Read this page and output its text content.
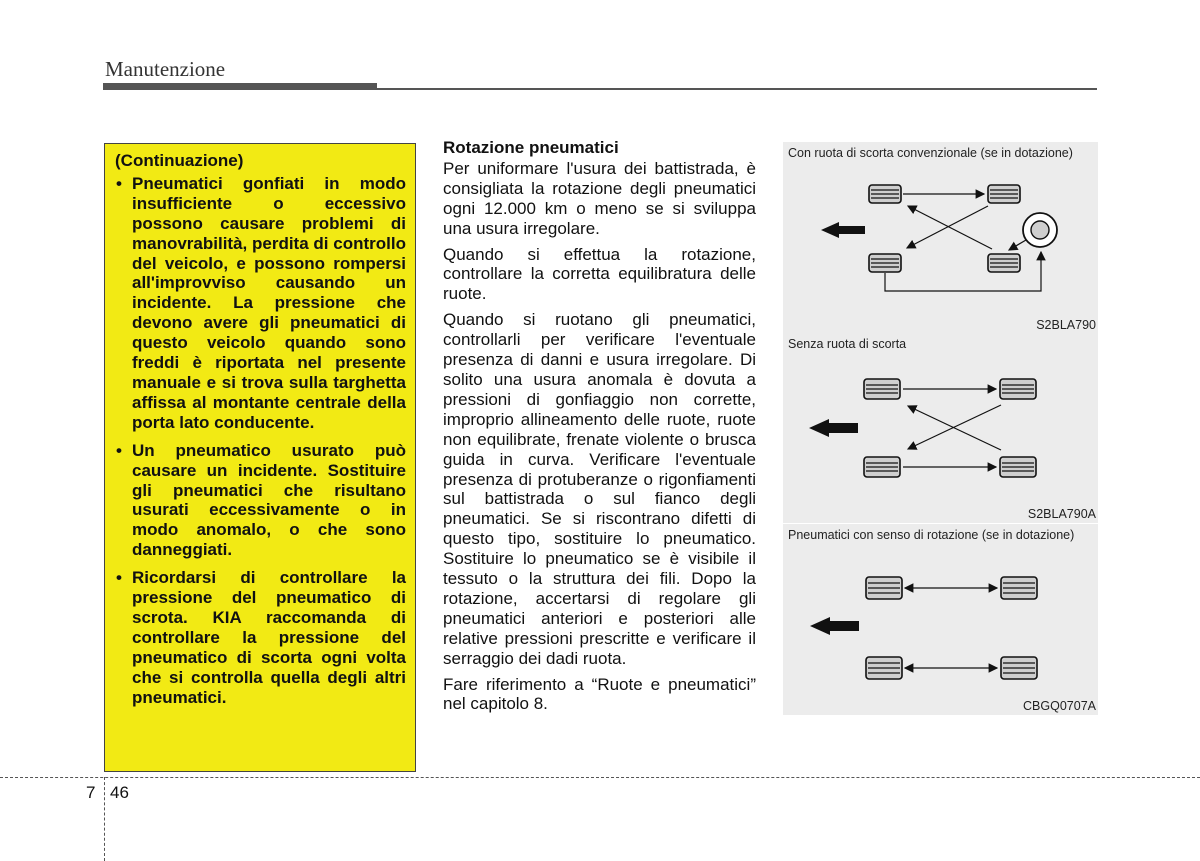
Manutenzione
(Continuazione)
• Pneumatici gonfiati in modo insufficiente o eccessivo possono causare problemi di manovrabilità, perdita di controllo del veicolo, e possono rompersi all'improvviso causando un incidente. La pressione che devono avere gli pneumatici di questo veicolo quando sono freddi è riportata nel presente manuale e si trova sulla targhetta affissa al montante centrale della porta lato conducente.
• Un pneumatico usurato può causare un incidente. Sostituire gli pneumatici che risultano usurati eccessivamente o in modo anomalo, o che sono danneggiati.
• Ricordarsi di controllare la pressione del pneumatico di scrota. KIA raccomanda di controllare la pressione del pneumatico di scorta ogni volta che si controlla quella degli altri pneumatici.
Rotazione pneumatici

Per uniformare l'usura dei battistrada, è consigliata la rotazione degli pneumatici ogni 12.000 km o meno se si sviluppa una usura irregolare.

Quando si effettua la rotazione, controllare la corretta equilibratura delle ruote.

Quando si ruotano gli pneumatici, controllarli per verificare l'eventuale presenza di danni e usura irregolare. Di solito una usura anomala è dovuta a pressioni di gonfiaggio non corrette, improprio allineamento delle ruote, ruote non equilibrate, frenate violente o brusca guida in curva. Verificare l'eventuale presenza di protuberanze o rigonfiamenti sul battistrada o sul fianco degli pneumatici. Se si riscontrano difetti di questo tipo, sostituire lo pneumatico. Sostituire lo pneumatico se è visibile il tessuto o la struttura dei fili. Dopo la rotazione, accertarsi di regolare gli pneumatici anteriori e posteriori alle relative pressioni prescritte e verificare il serraggio dei dadi ruota.

Fare riferimento a “Ruote e pneumatici” nel capitolo 8.

Con ruota di scorta convenzionale (se in dotazione)
S2BLA790
Senza ruota di scorta
S2BLA790A
Pneumatici con senso di rotazione (se in dotazione)
CBGQ0707A
7 46
